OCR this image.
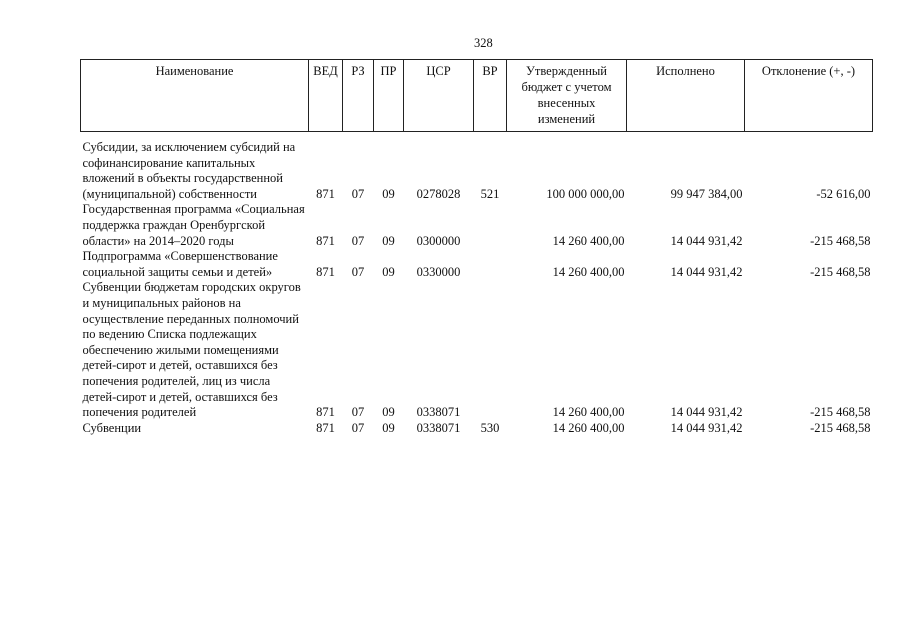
328
Наименование	ВЕД	РЗ	ПР	ЦСР	ВР	Утвержденный бюджет с учетом внесенных изменений	Исполнено	Отклонение (+, -)

Субсидии, за исключением субсидий на софинансирование капитальных вложений в объекты государственной (муниципальной) собственности	871	07	09	0278028	521	100 000 000,00	99 947 384,00	-52 616,00
Государственная программа «Социальная поддержка граждан Оренбургской области» на 2014–2020 годы	871	07	09	0300000		14 260 400,00	14 044 931,42	-215 468,58
Подпрограмма «Совершенствование социальной защиты семьи и детей»	871	07	09	0330000		14 260 400,00	14 044 931,42	-215 468,58
Субвенции бюджетам городских округов и муниципальных районов на осуществление переданных полномочий по ведению Списка подлежащих обеспечению жилыми помещениями детей-сирот и детей, оставшихся без попечения родителей, лиц из числа детей-сирот и детей, оставшихся без попечения родителей	871	07	09	0338071		14 260 400,00	14 044 931,42	-215 468,58
Субвенции	871	07	09	0338071	530	14 260 400,00	14 044 931,42	-215 468,58
